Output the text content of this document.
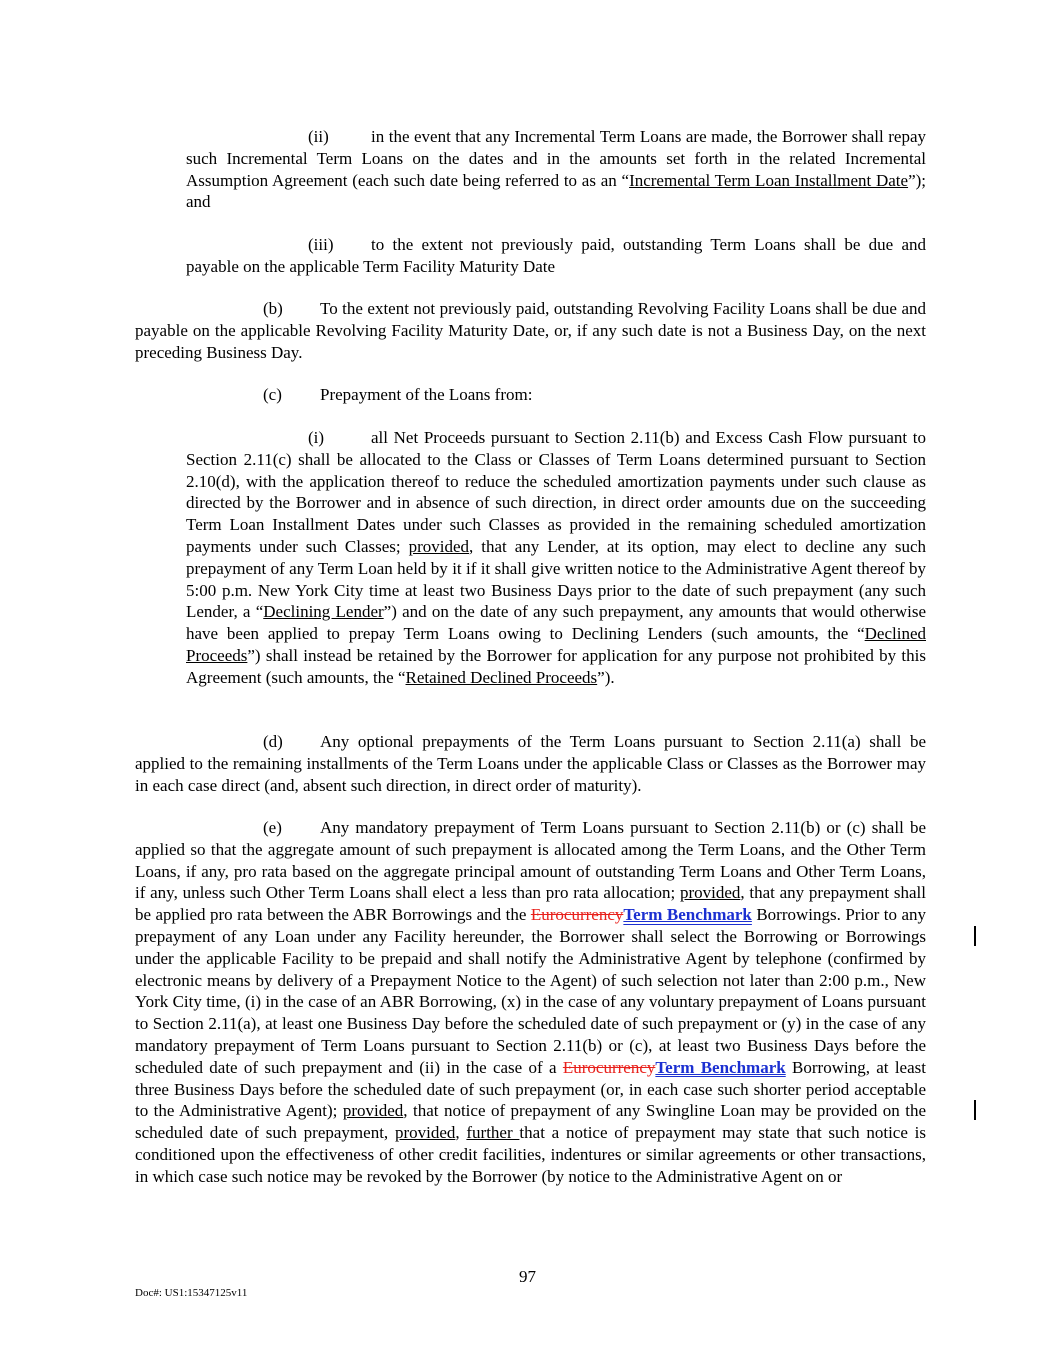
(ii) in the event that any Incremental Term Loans are made, the Borrower shall repay such Incremental Term Loans on the dates and in the amounts set forth in the related Incremental Assumption Agreement (each such date being referred to as an “Incremental Term Loan Installment Date”); and

(iii) to the extent not previously paid, outstanding Term Loans shall be due and payable on the applicable Term Facility Maturity Date

(b) To the extent not previously paid, outstanding Revolving Facility Loans shall be due and payable on the applicable Revolving Facility Maturity Date, or, if any such date is not a Business Day, on the next preceding Business Day.

(c) Prepayment of the Loans from:

(i)	all Net Proceeds pursuant to Section 2.11(b) and Excess Cash Flow pursuant to Section 2.11(c) shall be allocated to the Class or Classes of Term Loans determined pursuant to Section 2.10(d), with the application thereof to reduce the scheduled amortization payments under such clause as directed by the Borrower and in absence of such direction, in direct order amounts due on the succeeding Term Loan Installment Dates under such Classes as provided in the remaining scheduled amortization payments under such Classes; provided, that any Lender, at its option, may elect to decline any such prepayment of any Term Loan held by it if it shall give written notice to the Administrative Agent thereof by 5:00 p.m. New York City time at least two Business Days prior to the date of such prepayment (any such Lender, a “Declining Lender”) and on the date of any such prepayment, any amounts that would otherwise have been applied to prepay Term Loans owing to Declining Lenders (such amounts, the “Declined Proceeds”) shall instead be retained by the Borrower for application for any purpose not prohibited by this Agreement (such amounts, the “Retained Declined Proceeds”).

(d) Any optional prepayments of the Term Loans pursuant to Section 2.11(a) shall be applied to the remaining installments of the Term Loans under the applicable Class or Classes as the Borrower may in each case direct (and, absent such direction, in direct order of maturity).

(e) Any mandatory prepayment of Term Loans pursuant to Section 2.11(b) or (c) shall be applied so that the aggregate amount of such prepayment is allocated among the Term Loans, and the Other Term Loans, if any, pro rata based on the aggregate principal amount of outstanding Term Loans and Other Term Loans, if any, unless such Other Term Loans shall elect a less than pro rata allocation; provided, that any prepayment shall be applied pro rata between the ABR Borrowings and the EurocurrencyTerm Benchmark Borrowings. Prior to any prepayment of any Loan under any Facility hereunder, the Borrower shall select the Borrowing or Borrowings under the applicable Facility to be prepaid and shall notify the Administrative Agent by telephone (confirmed by electronic means by delivery of a Prepayment Notice to the Agent) of such selection not later than 2:00 p.m., New York City time, (i) in the case of an ABR Borrowing, (x) in the case of any voluntary prepayment of Loans pursuant to Section 2.11(a), at least one Business Day before the scheduled date of such prepayment or (y) in the case of any mandatory prepayment of Term Loans pursuant to Section 2.11(b) or (c), at least two Business Days before the scheduled date of such prepayment and (ii) in the case of a EurocurrencyTerm Benchmark Borrowing, at least three Business Days before the scheduled date of such prepayment (or, in each case such shorter period acceptable to the Administrative Agent); provided, that notice of prepayment of any Swingline Loan may be provided on the scheduled date of such prepayment, provided, further that a notice of prepayment may state that such notice is conditioned upon the effectiveness of other credit facilities, indentures or similar agreements or other transactions, in which case such notice may be revoked by the Borrower (by notice to the Administrative Agent on or

97
Doc#: US1:15347125v11
